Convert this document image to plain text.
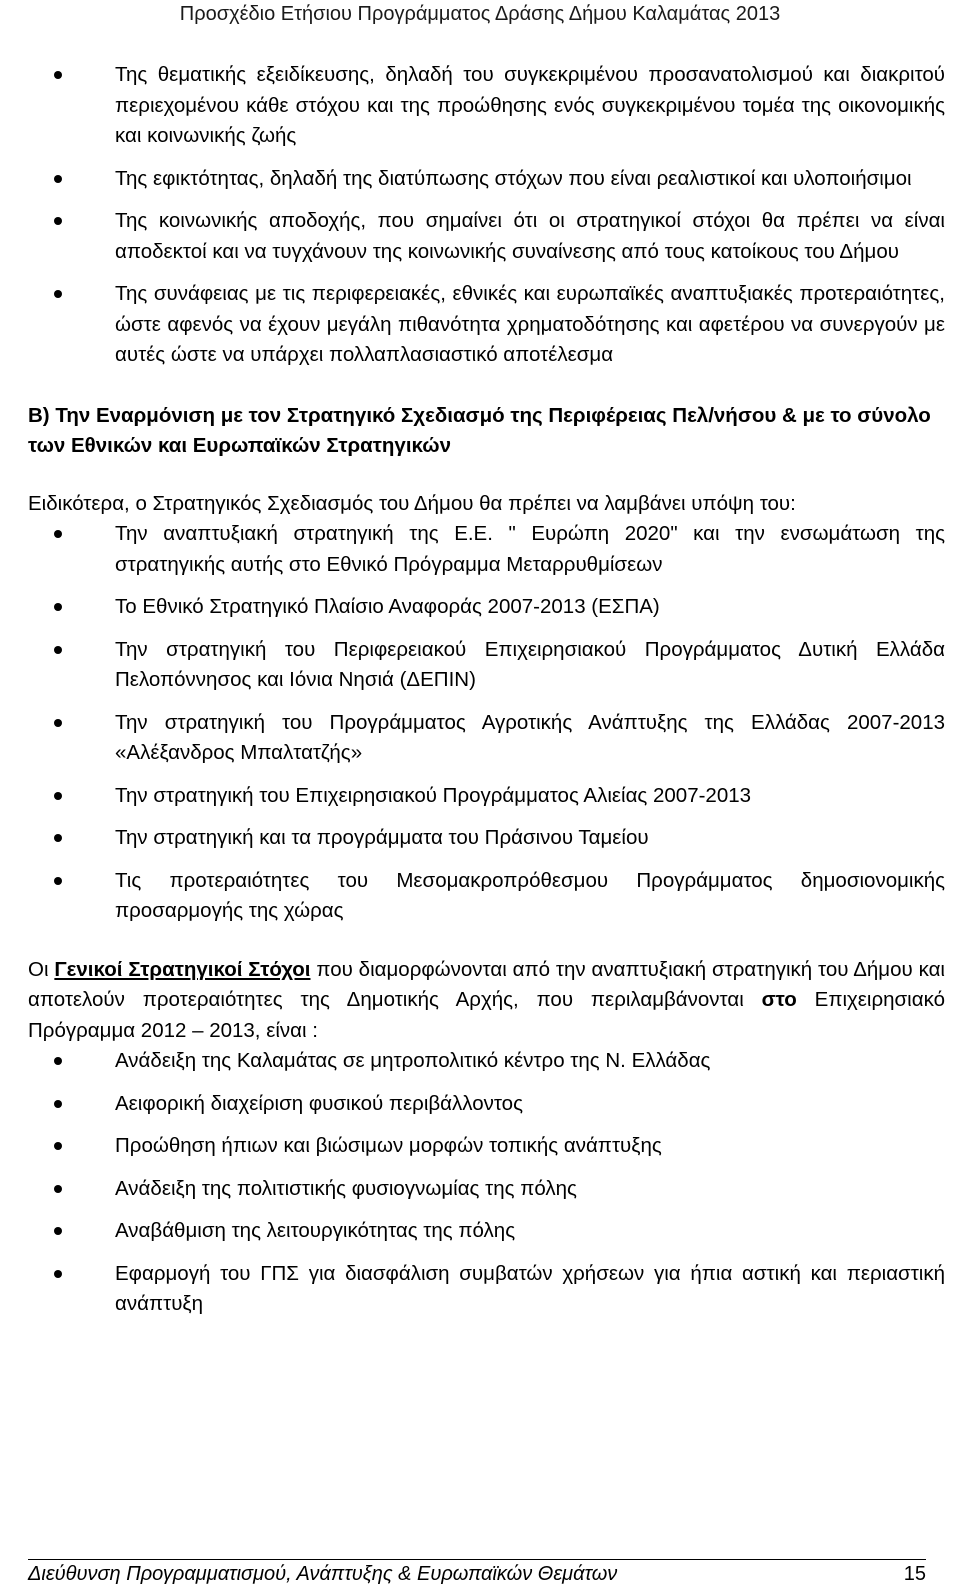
Προσχέδιο Ετήσιου Προγράμματος Δράσης Δήμου Καλαμάτας 2013
Της θεματικής εξειδίκευσης, δηλαδή του συγκεκριμένου προσανατολισμού και διακριτού περιεχομένου κάθε στόχου και της προώθησης ενός συγκεκριμένου τομέα της οικονομικής και κοινωνικής ζωής
Της εφικτότητας, δηλαδή της διατύπωσης στόχων που είναι ρεαλιστικοί και υλοποιήσιμοι
Της κοινωνικής αποδοχής, που σημαίνει ότι οι στρατηγικοί στόχοι θα πρέπει να είναι αποδεκτοί και να τυγχάνουν της κοινωνικής συναίνεσης από τους κατοίκους του Δήμου
Της συνάφειας με τις περιφερειακές, εθνικές και ευρωπαϊκές αναπτυξιακές προτεραιότητες, ώστε αφενός να έχουν μεγάλη πιθανότητα χρηματοδότησης και αφετέρου να συνεργούν με αυτές ώστε να υπάρχει πολλαπλασιαστικό αποτέλεσμα
Β) Την Εναρμόνιση με τον Στρατηγικό Σχεδιασμό της Περιφέρειας Πελ/νήσου & με το σύνολο των Εθνικών και Ευρωπαϊκών Στρατηγικών
Ειδικότερα, ο Στρατηγικός Σχεδιασμός του Δήμου θα πρέπει να λαμβάνει υπόψη του:
Την αναπτυξιακή στρατηγική της Ε.Ε. " Ευρώπη 2020" και την ενσωμάτωση της στρατηγικής αυτής στο Εθνικό Πρόγραμμα Μεταρρυθμίσεων
Το Εθνικό Στρατηγικό Πλαίσιο Αναφοράς 2007-2013 (ΕΣΠΑ)
Την στρατηγική του Περιφερειακού Επιχειρησιακού Προγράμματος Δυτική Ελλάδα Πελοπόννησος και Ιόνια Νησιά (ΔΕΠΙΝ)
Την στρατηγική του Προγράμματος Αγροτικής Ανάπτυξης της Ελλάδας 2007-2013 «Αλέξανδρος Μπαλτατζής»
Την στρατηγική του Επιχειρησιακού Προγράμματος Αλιείας 2007-2013
Την στρατηγική και τα προγράμματα του Πράσινου Ταμείου
Τις προτεραιότητες του Μεσομακροπρόθεσμου Προγράμματος δημοσιονομικής προσαρμογής της χώρας
Οι Γενικοί Στρατηγικοί Στόχοι που διαμορφώνονται από την αναπτυξιακή στρατηγική του Δήμου και αποτελούν προτεραιότητες της Δημοτικής Αρχής, που περιλαμβάνονται στο Επιχειρησιακό Πρόγραμμα 2012 – 2013, είναι :
Ανάδειξη της Καλαμάτας σε μητροπολιτικό κέντρο της Ν. Ελλάδας
Αειφορική διαχείριση φυσικού περιβάλλοντος
Προώθηση ήπιων και βιώσιμων μορφών τοπικής ανάπτυξης
Ανάδειξη της πολιτιστικής φυσιογνωμίας της πόλης
Αναβάθμιση της λειτουργικότητας της πόλης
Εφαρμογή του ΓΠΣ για διασφάλιση συμβατών χρήσεων για ήπια αστική και περιαστική ανάπτυξη
Διεύθυνση Προγραμματισμού, Ανάπτυξης & Ευρωπαϊκών Θεμάτων	15
